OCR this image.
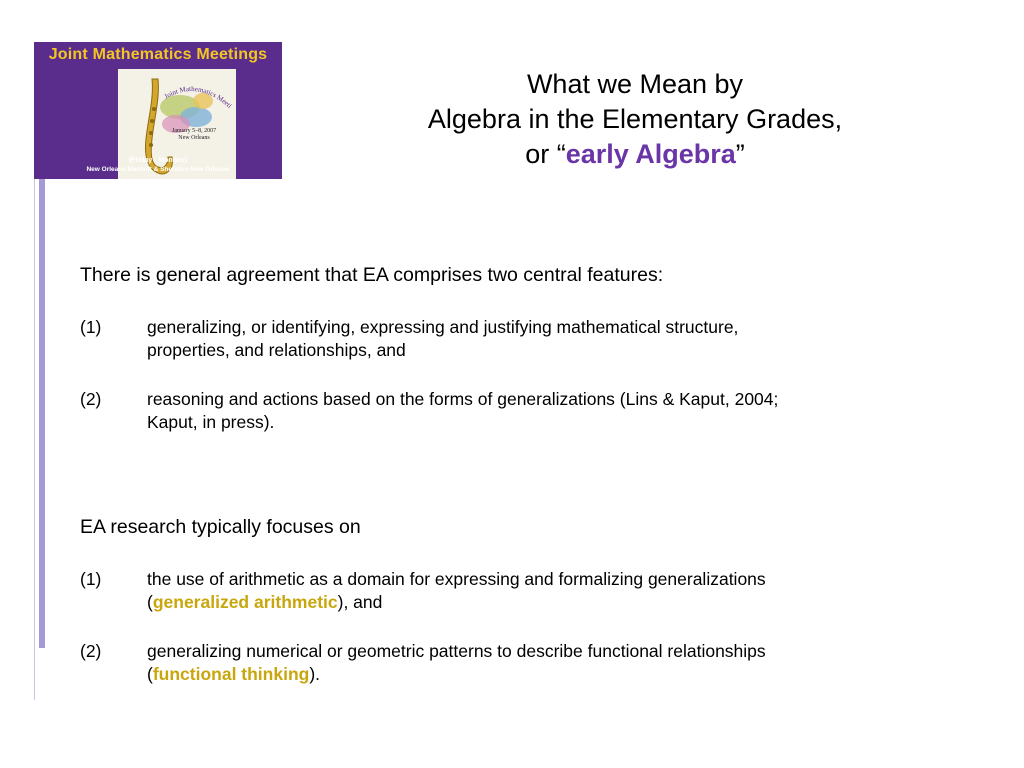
Joint Mathematics Meetings
Joint Mathematics Meeti
January 5–8, 2007
New Orleans
(Friday - Monday)
New Orleans Marriott & Sheraton New Orleans
What we Mean by
Algebra in the Elementary Grades,
or “early Algebra”
There is general agreement that EA comprises two central features:
(1)	generalizing, or identifying, expressing and justifying mathematical structure,
properties, and relationships, and
(2)	reasoning and actions based on the forms of generalizations (Lins & Kaput, 2004;
Kaput, in press).
EA research typically focuses on
(1)	the use of arithmetic as a domain for expressing and formalizing generalizations
(generalized arithmetic), and
(2)	generalizing numerical or geometric patterns to describe functional relationships
(functional thinking).
